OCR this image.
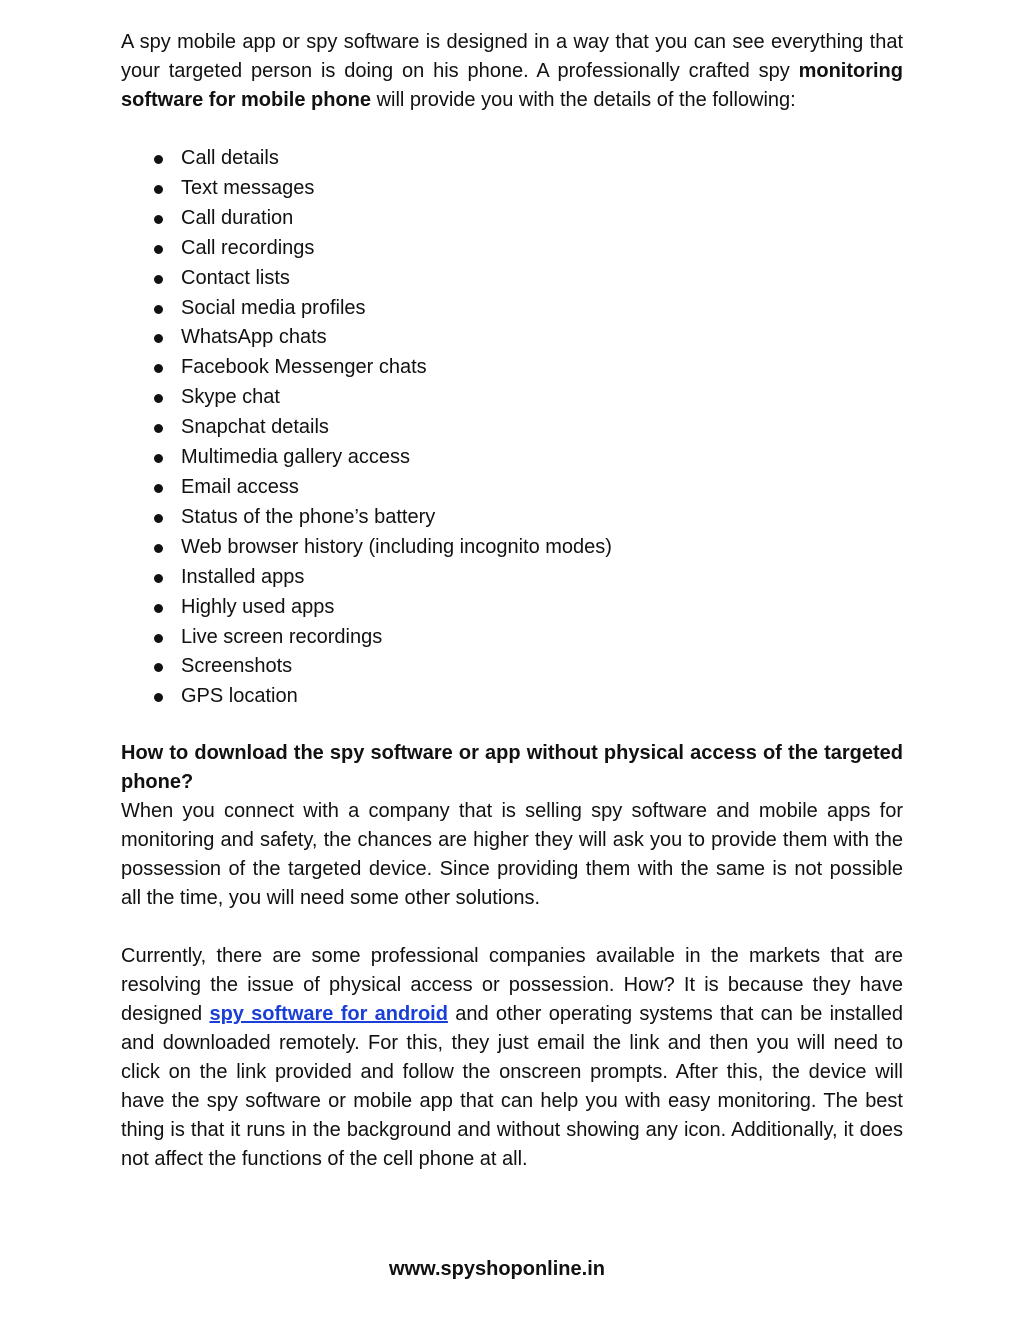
A spy mobile app or spy software is designed in a way that you can see everything that your targeted person is doing on his phone. A professionally crafted spy monitoring software for mobile phone will provide you with the details of the following:

Call details
Text messages
Call duration
Call recordings
Contact lists
Social media profiles
WhatsApp chats
Facebook Messenger chats
Skype chat
Snapchat details
Multimedia gallery access
Email access
Status of the phone’s battery
Web browser history (including incognito modes)
Installed apps
Highly used apps
Live screen recordings
Screenshots
GPS location

How to download the spy software or app without physical access of the targeted phone?

When you connect with a company that is selling spy software and mobile apps for monitoring and safety, the chances are higher they will ask you to provide them with the possession of the targeted device. Since providing them with the same is not possible all the time, you will need some other solutions.

Currently, there are some professional companies available in the markets that are resolving the issue of physical access or possession. How? It is because they have designed spy software for android and other operating systems that can be installed and downloaded remotely. For this, they just email the link and then you will need to click on the link provided and follow the onscreen prompts. After this, the device will have the spy software or mobile app that can help you with easy monitoring. The best thing is that it runs in the background and without showing any icon. Additionally, it does not affect the functions of the cell phone at all.

www.spyshoponline.in
